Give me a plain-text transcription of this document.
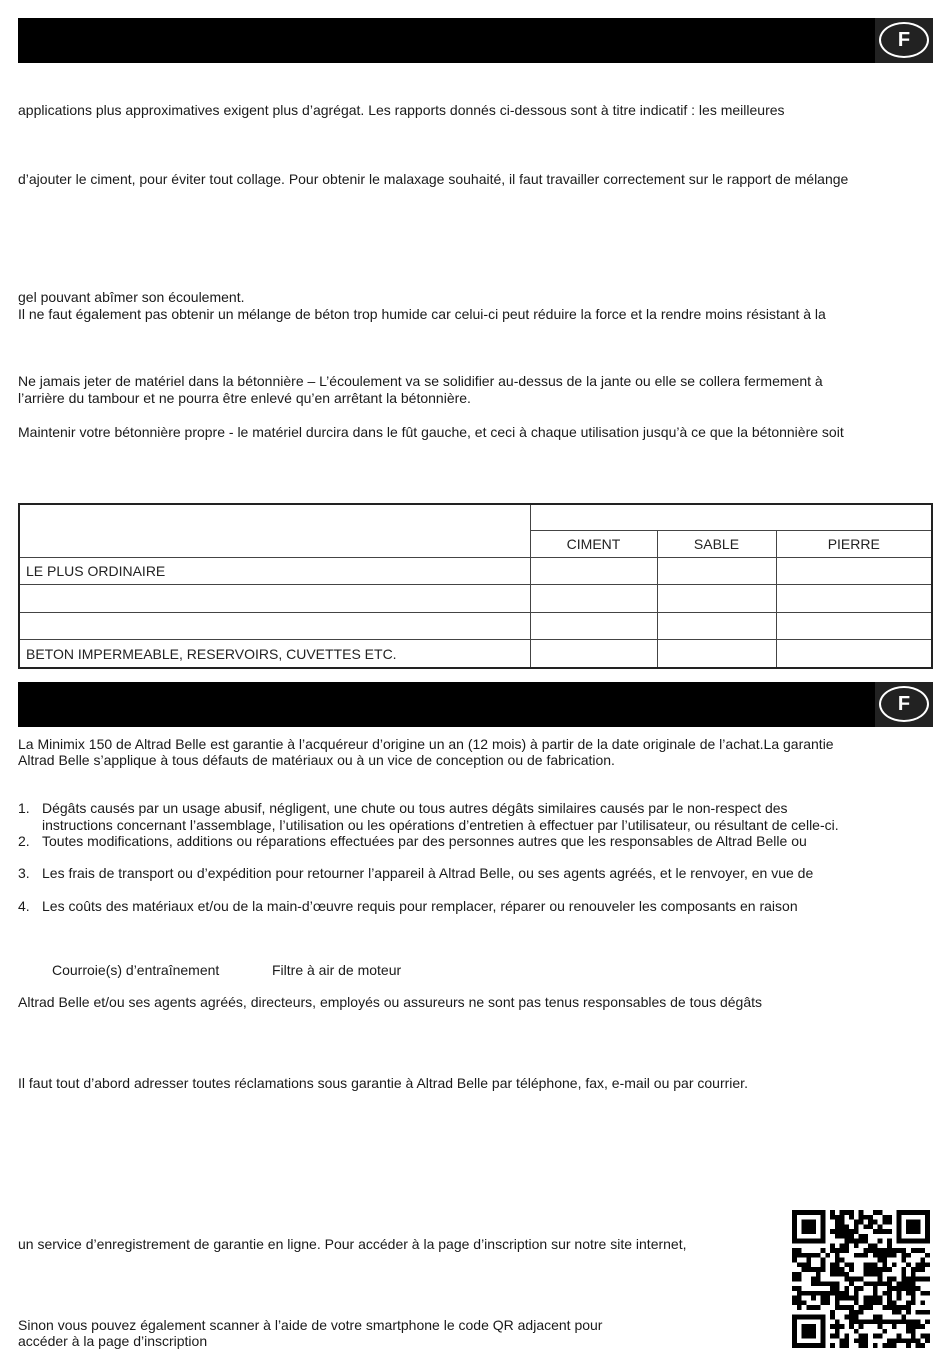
F
applications plus approximatives exigent plus d’agrégat. Les rapports donnés ci-dessous sont à titre indicatif : les meilleures
d’ajouter le ciment, pour éviter tout collage. Pour obtenir le malaxage souhaité, il faut travailler correctement sur le rapport de mélange
gel pouvant abîmer son écoulement.
Il ne faut également pas obtenir un mélange de béton trop humide car celui-ci peut réduire la force et la rendre moins résistant à la
Ne jamais jeter de matériel dans la bétonnière – L’écoulement va se solidifier au-dessus de la jante ou elle se collera fermement à
l’arrière du tambour et ne pourra être enlevé qu’en arrêtant la bétonnière.
Maintenir votre bétonnière propre - le matériel durcira dans le fût gauche, et ceci à chaque utilisation jusqu’à ce que la bétonnière soit

	CIMENT	SABLE	PIERRE
LE PLUS ORDINAIRE			

BETON IMPERMEABLE, RESERVOIRS, CUVETTES ETC.			
F
La Minimix 150 de Altrad Belle est garantie à l’acquéreur d’origine un an (12 mois) à partir de la date originale de l’achat.La garantie
Altrad Belle s’applique à tous défauts de matériaux ou à un vice de conception ou de fabrication.
1. Dégâts causés par un usage abusif, négligent, une chute ou tous autres dégâts similaires causés par le non-respect des
instructions concernant l’assemblage, l’utilisation ou les opérations d’entretien à effectuer par l’utilisateur, ou résultant de celle-ci.
2. Toutes modifications, additions ou réparations effectuées par des personnes autres que les responsables de Altrad Belle ou
3. Les frais de transport ou d’expédition pour retourner l’appareil à Altrad Belle, ou ses agents agréés, et le renvoyer, en vue de
4. Les coûts des matériaux et/ou de la main-d’œuvre requis pour remplacer, réparer ou renouveler les composants en raison
Courroie(s) d’entraînement	Filtre à air de moteur
Altrad Belle et/ou ses agents agréés, directeurs, employés ou assureurs ne sont pas tenus responsables de tous dégâts
Il faut tout d’abord adresser toutes réclamations sous garantie à Altrad Belle par téléphone, fax, e-mail ou par courrier.
un service d’enregistrement de garantie en ligne. Pour accéder à la page d’inscription sur notre site internet,
Sinon vous pouvez également scanner à l’aide de votre smartphone le code QR adjacent pour
accéder à la page d’inscription
